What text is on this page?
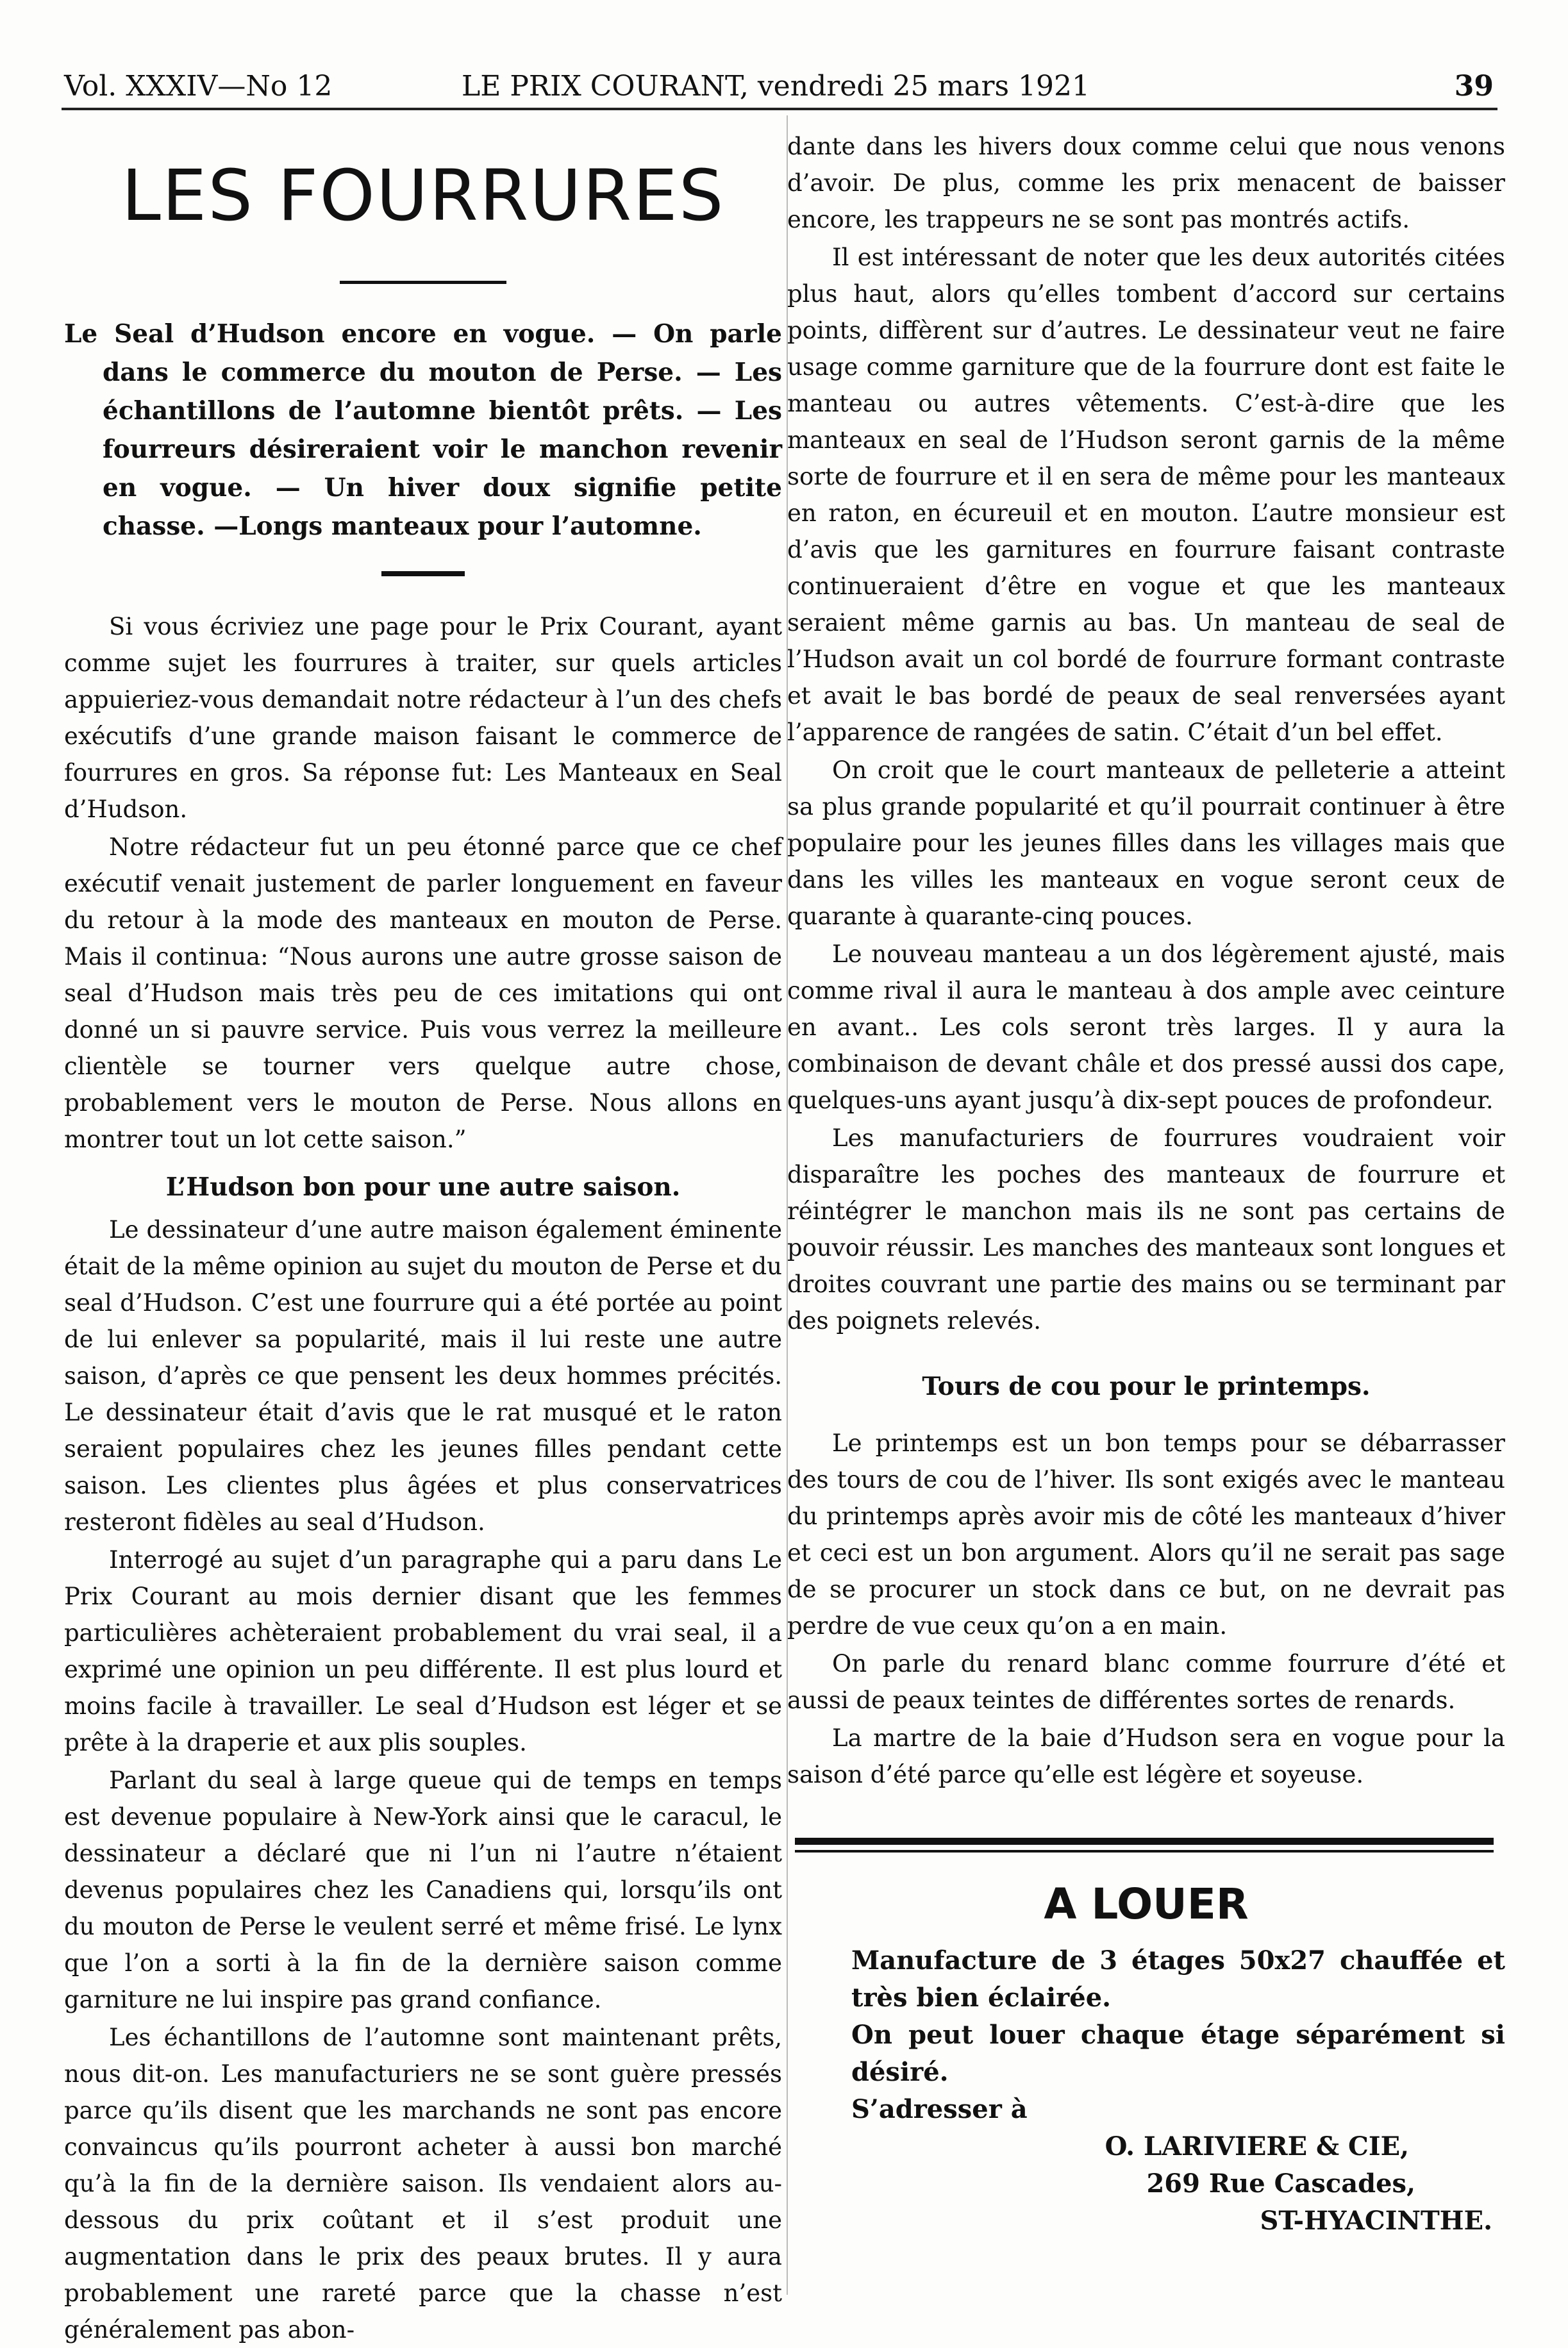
Vol. XXXIV—No 12	LE PRIX COURANT, vendredi 25 mars 1921	39
LES FOURRURES

Le Seal d’Hudson encore en vogue. — On parle dans le commerce du mouton de Perse. — Les échantillons de l’automne bientôt prêts. — Les fourreurs désireraient voir le manchon revenir en vogue. — Un hiver doux signifie petite chasse. —Longs manteaux pour l’automne.

Si vous écriviez une page pour le Prix Courant, ayant comme sujet les fourrures à traiter, sur quels articles appuieriez-vous demandait notre rédacteur à l’un des chefs exécutifs d’une grande maison faisant le commerce de fourrures en gros. Sa réponse fut: Les Manteaux en Seal d’Hudson.

Notre rédacteur fut un peu étonné parce que ce chef exécutif venait justement de parler longuement en faveur du retour à la mode des manteaux en mouton de Perse. Mais il continua: “Nous aurons une autre grosse saison de seal d’Hudson mais très peu de ces imitations qui ont donné un si pauvre service. Puis vous verrez la meilleure clientèle se tourner vers quelque autre chose, probablement vers le mouton de Perse. Nous allons en montrer tout un lot cette saison.”

L’Hudson bon pour une autre saison.

Le dessinateur d’une autre maison également éminente était de la même opinion au sujet du mouton de Perse et du seal d’Hudson. C’est une fourrure qui a été portée au point de lui enlever sa popularité, mais il lui reste une autre saison, d’après ce que pensent les deux hommes précités. Le dessinateur était d’avis que le rat musqué et le raton seraient populaires chez les jeunes filles pendant cette saison. Les clientes plus âgées et plus conservatrices resteront fidèles au seal d’Hudson.

Interrogé au sujet d’un paragraphe qui a paru dans Le Prix Courant au mois dernier disant que les femmes particulières achèteraient probablement du vrai seal, il a exprimé une opinion un peu différente. Il est plus lourd et moins facile à travailler. Le seal d’Hudson est léger et se prête à la draperie et aux plis souples.

Parlant du seal à large queue qui de temps en temps est devenue populaire à New-York ainsi que le caracul, le dessinateur a déclaré que ni l’un ni l’autre n’étaient devenus populaires chez les Canadiens qui, lorsqu’ils ont du mouton de Perse le veulent serré et même frisé. Le lynx que l’on a sorti à la fin de la dernière saison comme garniture ne lui inspire pas grand confiance.

Les échantillons de l’automne sont maintenant prêts, nous dit-on. Les manufacturiers ne se sont guère pressés parce qu’ils disent que les marchands ne sont pas encore convaincus qu’ils pourront acheter à aussi bon marché qu’à la fin de la dernière saison. Ils vendaient alors au-dessous du prix coûtant et il s’est produit une augmentation dans le prix des peaux brutes. Il y aura probablement une rareté parce que la chasse n’est généralement pas abon-

dante dans les hivers doux comme celui que nous venons d’avoir. De plus, comme les prix menacent de baisser encore, les trappeurs ne se sont pas montrés actifs.

Il est intéressant de noter que les deux autorités citées plus haut, alors qu’elles tombent d’accord sur certains points, diffèrent sur d’autres. Le dessinateur veut ne faire usage comme garniture que de la fourrure dont est faite le manteau ou autres vêtements. C’est-à-dire que les manteaux en seal de l’Hudson seront garnis de la même sorte de fourrure et il en sera de même pour les manteaux en raton, en écureuil et en mouton. L’autre monsieur est d’avis que les garnitures en fourrure faisant contraste continueraient d’être en vogue et que les manteaux seraient même garnis au bas. Un manteau de seal de l’Hudson avait un col bordé de fourrure formant contraste et avait le bas bordé de peaux de seal renversées ayant l’apparence de rangées de satin. C’était d’un bel effet.

On croit que le court manteaux de pelleterie a atteint sa plus grande popularité et qu’il pourrait continuer à être populaire pour les jeunes filles dans les villages mais que dans les villes les manteaux en vogue seront ceux de quarante à quarante-cinq pouces.

Le nouveau manteau a un dos légèrement ajusté, mais comme rival il aura le manteau à dos ample avec ceinture en avant.. Les cols seront très larges. Il y aura la combinaison de devant châle et dos pressé aussi dos cape, quelques-uns ayant jusqu’à dix-sept pouces de profondeur.

Les manufacturiers de fourrures voudraient voir disparaître les poches des manteaux de fourrure et réintégrer le manchon mais ils ne sont pas certains de pouvoir réussir. Les manches des manteaux sont longues et droites couvrant une partie des mains ou se terminant par des poignets relevés.

Tours de cou pour le printemps.

Le printemps est un bon temps pour se débarrasser des tours de cou de l’hiver. Ils sont exigés avec le manteau du printemps après avoir mis de côté les manteaux d’hiver et ceci est un bon argument. Alors qu’il ne serait pas sage de se procurer un stock dans ce but, on ne devrait pas perdre de vue ceux qu’on a en main.

On parle du renard blanc comme fourrure d’été et aussi de peaux teintes de différentes sortes de renards.

La martre de la baie d’Hudson sera en vogue pour la saison d’été parce qu’elle est légère et soyeuse.

A LOUER

Manufacture de 3 étages 50x27 chauffée et très bien éclairée.

On peut louer chaque étage séparément si désiré.

S’adresser à

O. LARIVIERE & CIE,

269 Rue Cascades,

ST-HYACINTHE.
